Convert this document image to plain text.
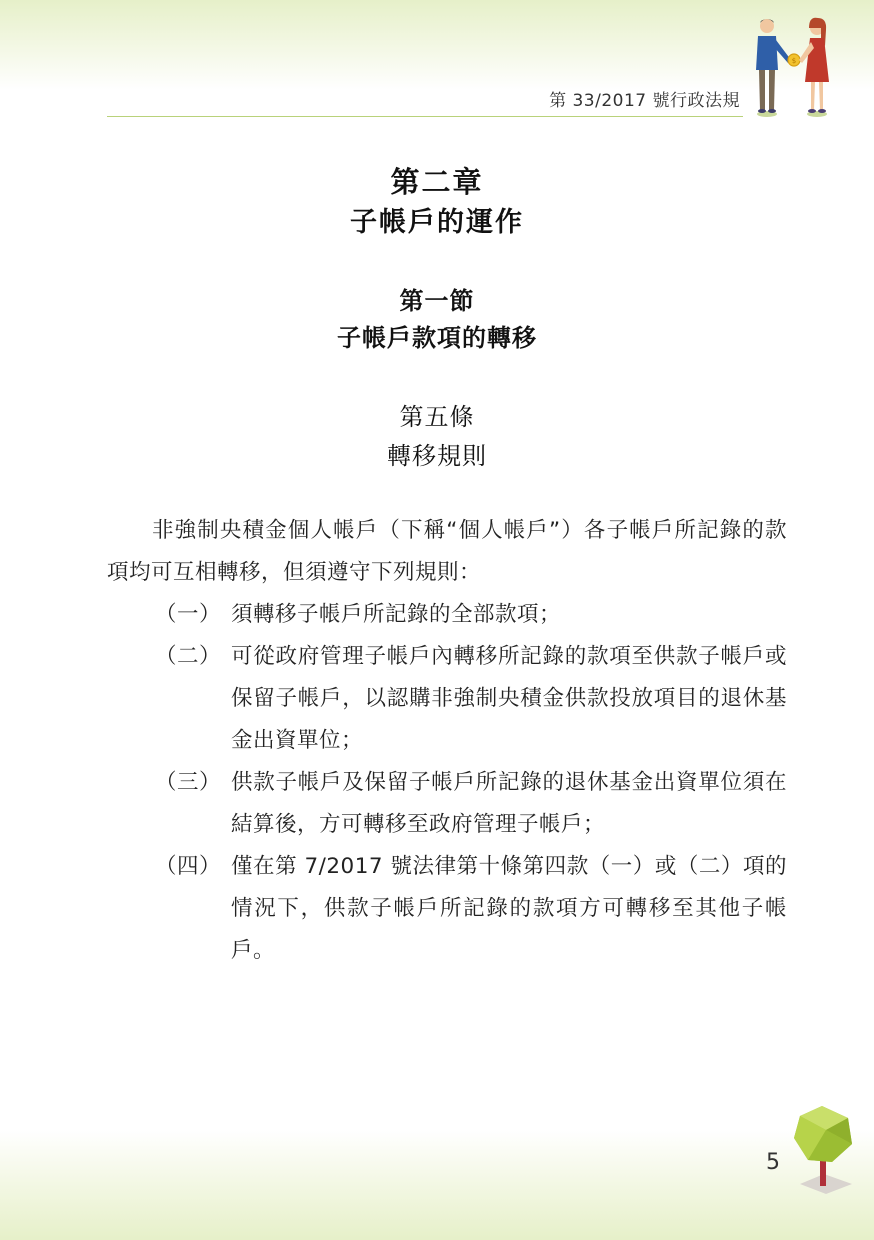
$
第 33/2017 號行政法規
第二章
子帳戶的運作
第一節
子帳戶款項的轉移
第五條
轉移規則
非強制央積金個人帳戶（下稱“個人帳戶”）各子帳戶所記錄的款項均可互相轉移，但須遵守下列規則：
（一） 須轉移子帳戶所記錄的全部款項；
（二） 可從政府管理子帳戶內轉移所記錄的款項至供款子帳戶或保留子帳戶，以認購非強制央積金供款投放項目的退休基金出資單位；
（三） 供款子帳戶及保留子帳戶所記錄的退休基金出資單位須在結算後，方可轉移至政府管理子帳戶；
（四） 僅在第 7/2017 號法律第十條第四款（一）或（二）項的情況下，供款子帳戶所記錄的款項方可轉移至其他子帳戶。
5
